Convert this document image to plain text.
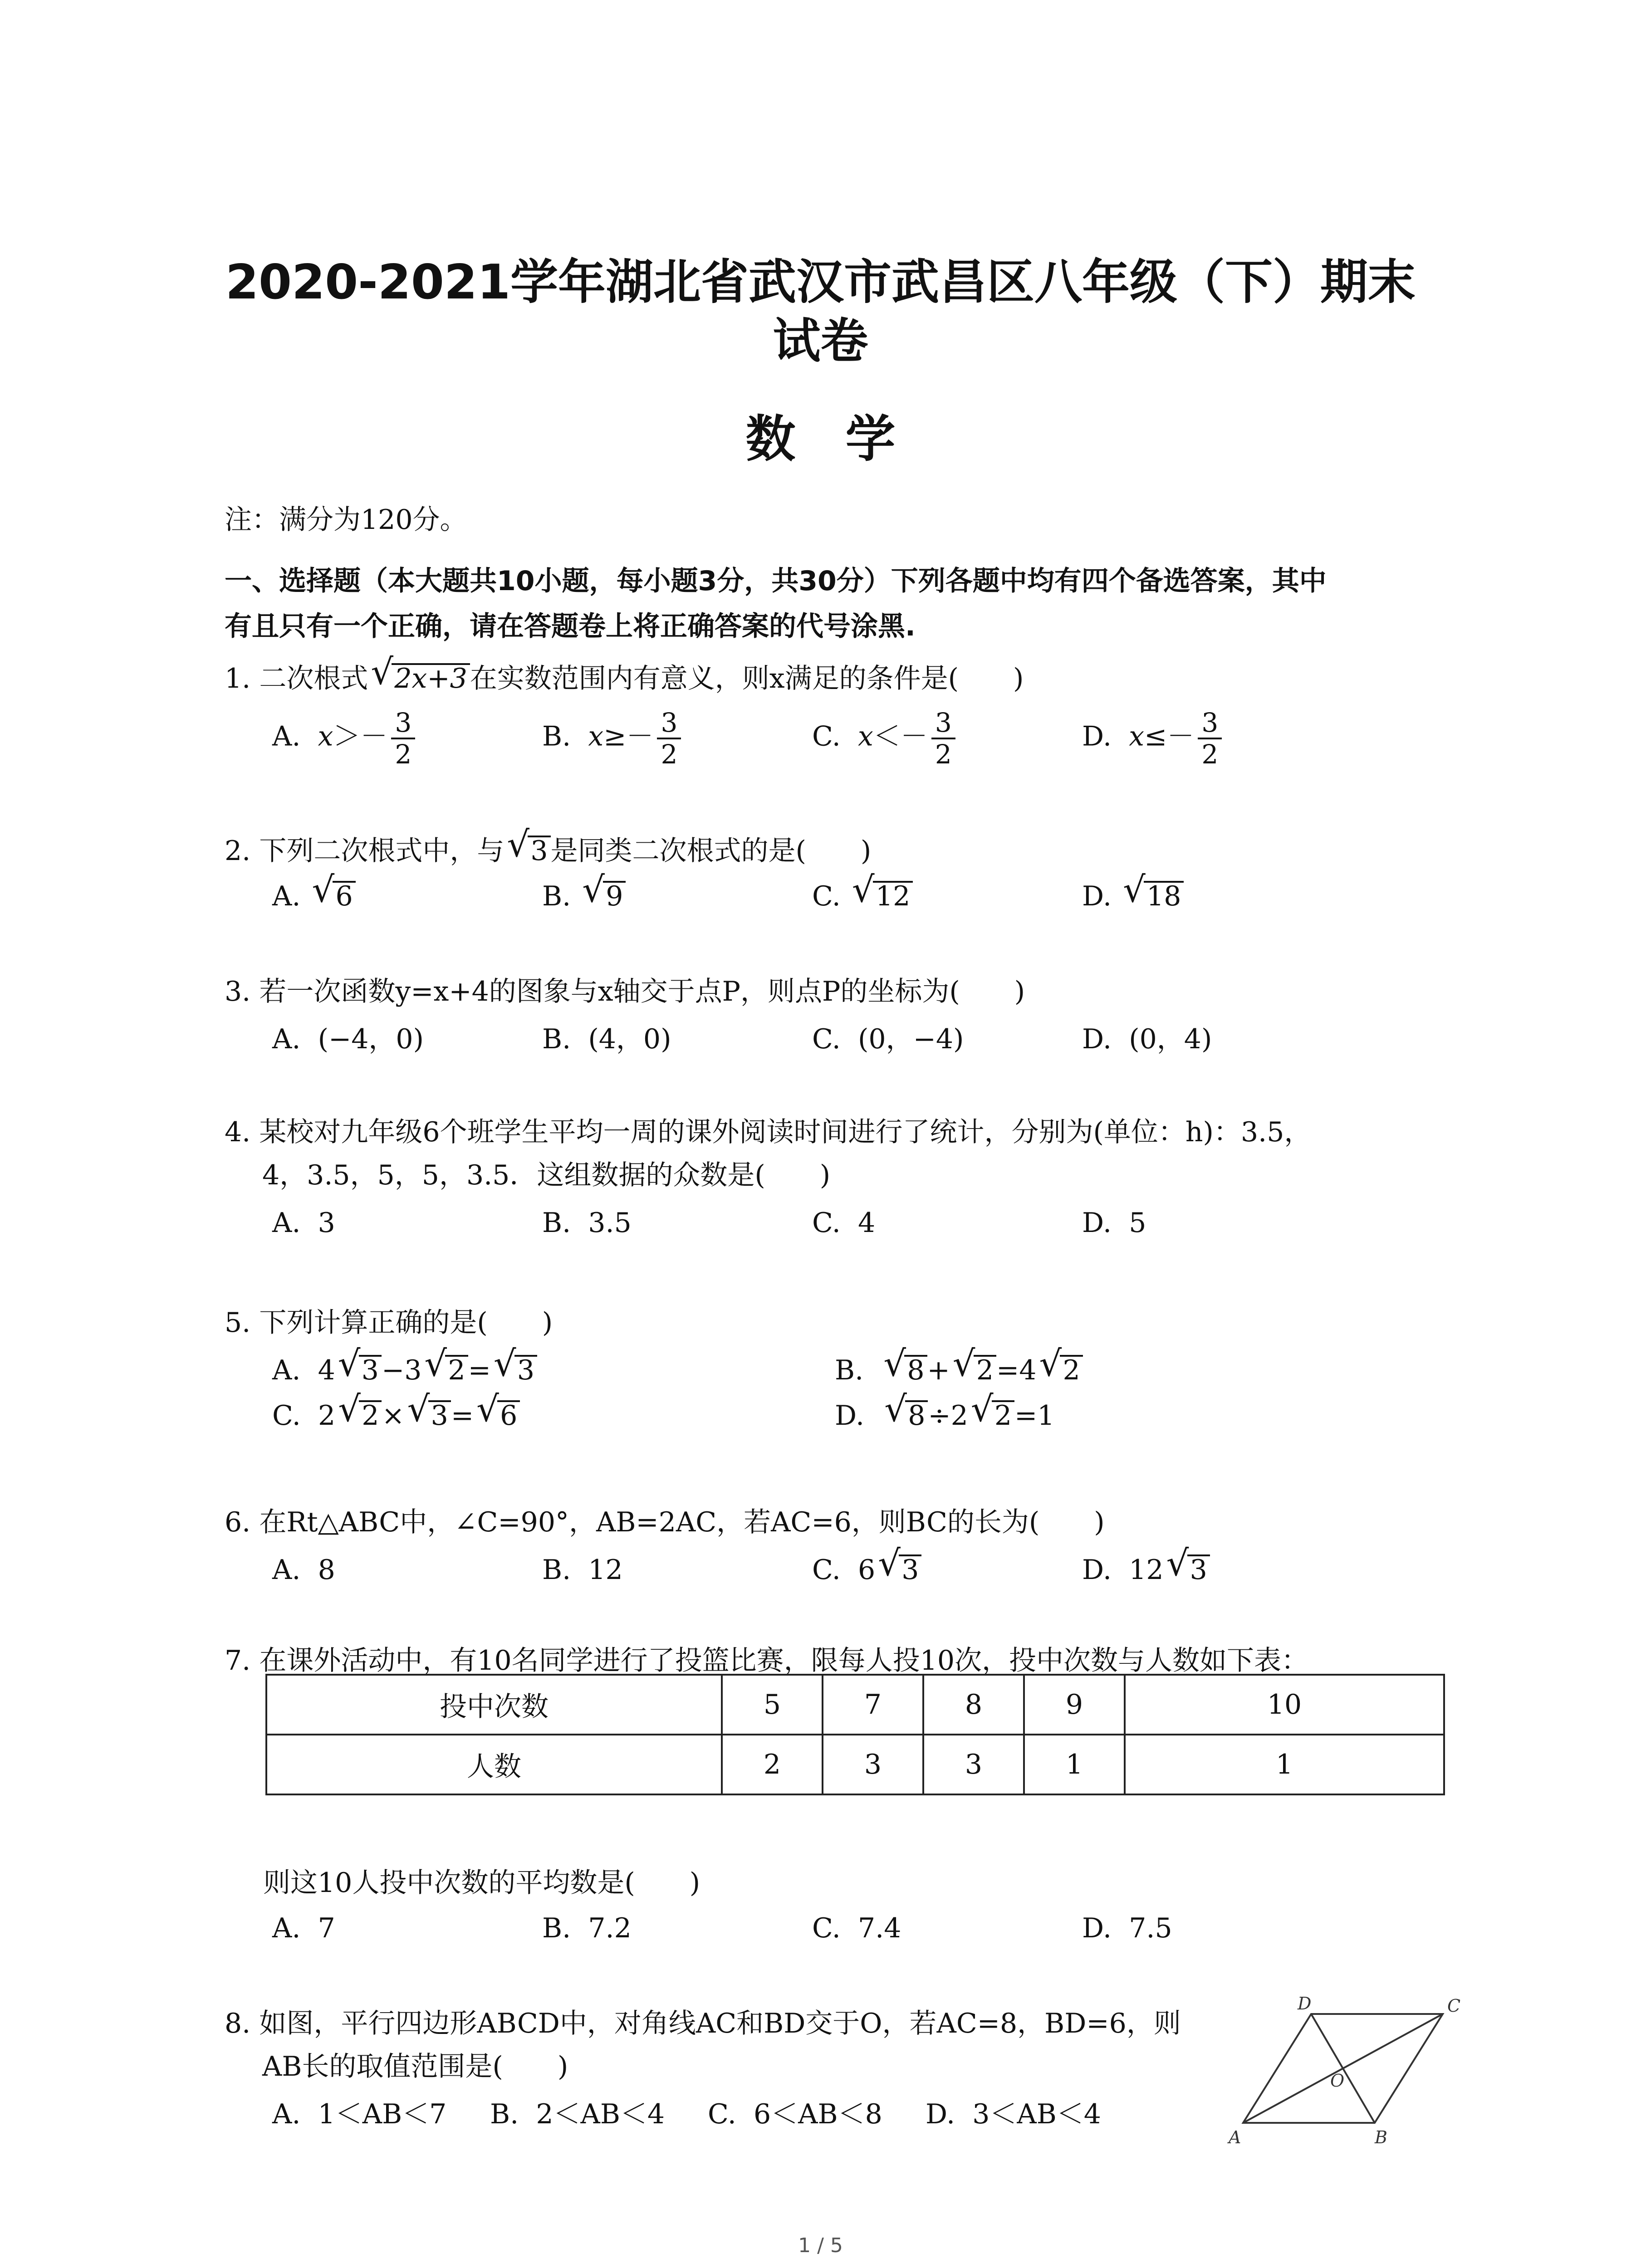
2020-2021学年湖北省武汉市武昌区八年级（下）期末
试卷
数学
注：满分为120分。
一、选择题（本大题共10小题，每小题3分，共30分）下列各题中均有四个备选答案，其中
有且只有一个正确，请在答题卷上将正确答案的代号涂黑.
1. 二次根式 √ 2x+3 在实数范围内有意义，则x满足的条件是(　　)
A. $x>- \frac{3}{2}$	B. $x\ge- \frac{3}{2}$	C. $x<- \frac{3}{2}$	D. $x\le- \frac{3}{2}$
2. 下列二次根式中，与 √ 3 是同类二次根式的是(　　)
A. √ 6	B. √ 9	C. √ 12	D. √ 18
3. 若一次函数y=x+4的图象与x轴交于点P，则点P的坐标为(　　)
A. (−4，0)	B. (4，0)	C. (0，−4)	D. (0，4)
4. 某校对九年级6个班学生平均一周的课外阅读时间进行了统计，分别为(单位：h)：3.5，
4，3.5，5，5，3.5．这组数据的众数是(　　)
A. 3	B. 3.5	C. 4	D. 5
5. 下列计算正确的是(　　)
A. 4 √ 3 −3 √ 2 = √ 3	B. √ 8 + √ 2 =4 √ 2
C. 2 √ 2 × √ 3 = √ 6	D. √ 8 ÷2 √ 2 =1
6. 在Rt△ABC中，∠C=90°，AB=2AC，若AC=6，则BC的长为(　　)
A. 8	B. 12	C. 6 √ 3	D. 12 √ 3
7. 在课外活动中，有10名同学进行了投篮比赛，限每人投10次，投中次数与人数如下表：
投中次数	5	7	8	9	10
人数	2	3	3	1	1
则这10人投中次数的平均数是(　　)
A. 7	B. 7.2	C. 7.4	D. 7.5
8. 如图，平行四边形ABCD中，对角线AC和BD交于O，若AC=8，BD=6，则
AB长的取值范围是(　　)
A. 1＜AB＜7 B. 2＜AB＜4 C. 6＜AB＜8 D. 3＜AB＜4
A	B
C
D
O
1 / 5
